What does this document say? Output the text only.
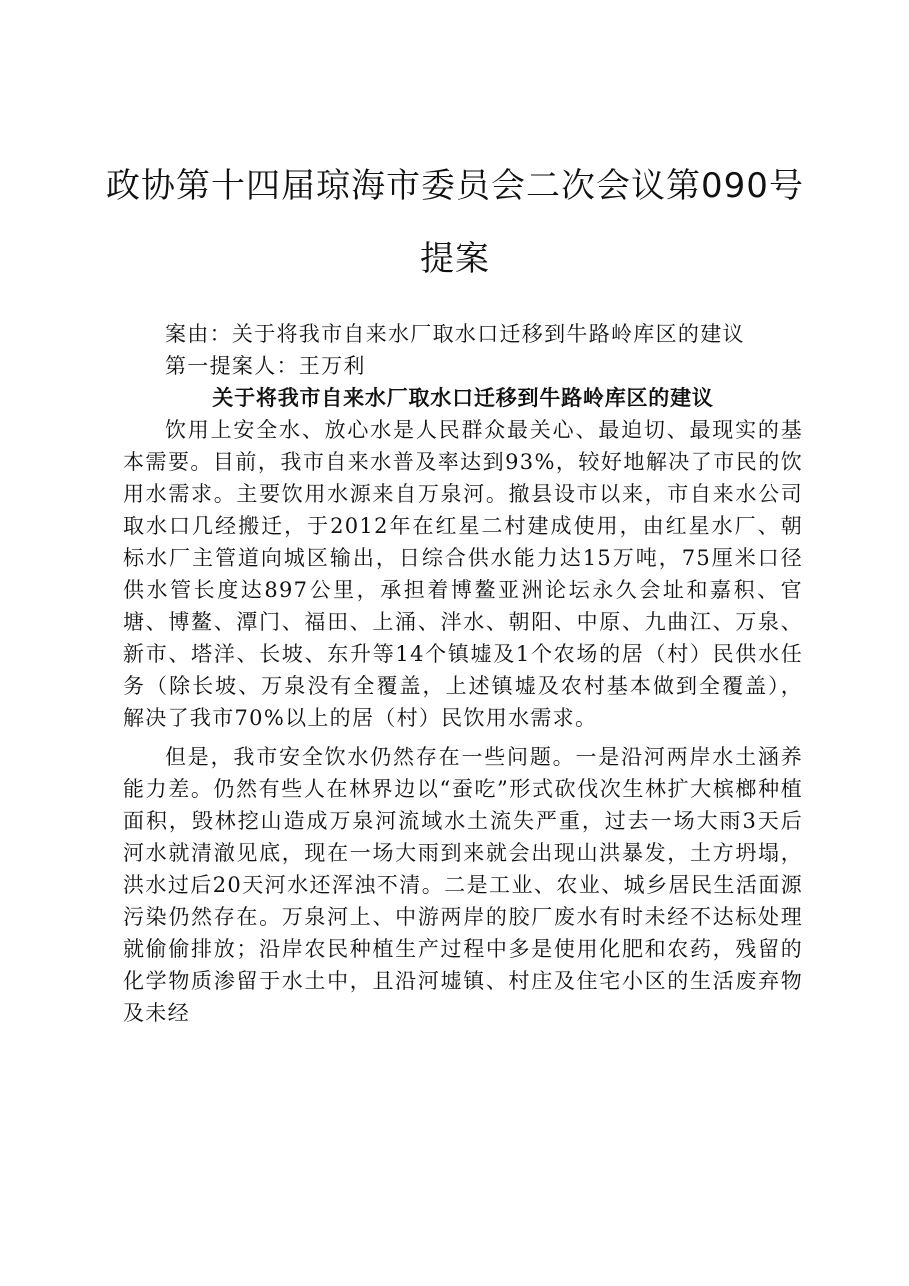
政协第十四届琼海市委员会二次会议第090号提案

案由：关于将我市自来水厂取水口迁移到牛路岭库区的建议

第一提案人：王万利

关于将我市自来水厂取水口迁移到牛路岭库区的建议

饮用上安全水、放心水是人民群众最关心、最迫切、最现实的基本需要。目前，我市自来水普及率达到93%，较好地解决了市民的饮用水需求。主要饮用水源来自万泉河。撤县设市以来，市自来水公司取水口几经搬迁，于2012年在红星二村建成使用，由红星水厂、朝标水厂主管道向城区输出，日综合供水能力达15万吨，75厘米口径供水管长度达897公里，承担着博鳌亚洲论坛永久会址和嘉积、官塘、博鳌、潭门、福田、上涌、泮水、朝阳、中原、九曲江、万泉、新市、塔洋、长坡、东升等14个镇墟及1个农场的居（村）民供水任务（除长坡、万泉没有全覆盖，上述镇墟及农村基本做到全覆盖），解决了我市70%以上的居（村）民饮用水需求。

但是，我市安全饮水仍然存在一些问题。一是沿河两岸水土涵养能力差。仍然有些人在林界边以“蚕吃”形式砍伐次生林扩大槟榔种植面积，毁林挖山造成万泉河流域水土流失严重，过去一场大雨3天后河水就清澈见底，现在一场大雨到来就会出现山洪暴发，土方坍塌，洪水过后20天河水还浑浊不清。二是工业、农业、城乡居民生活面源污染仍然存在。万泉河上、中游两岸的胶厂废水有时未经不达标处理就偷偷排放；沿岸农民种植生产过程中多是使用化肥和农药，残留的化学物质渗留于水土中，且沿河墟镇、村庄及住宅小区的生活废弃物及未经
